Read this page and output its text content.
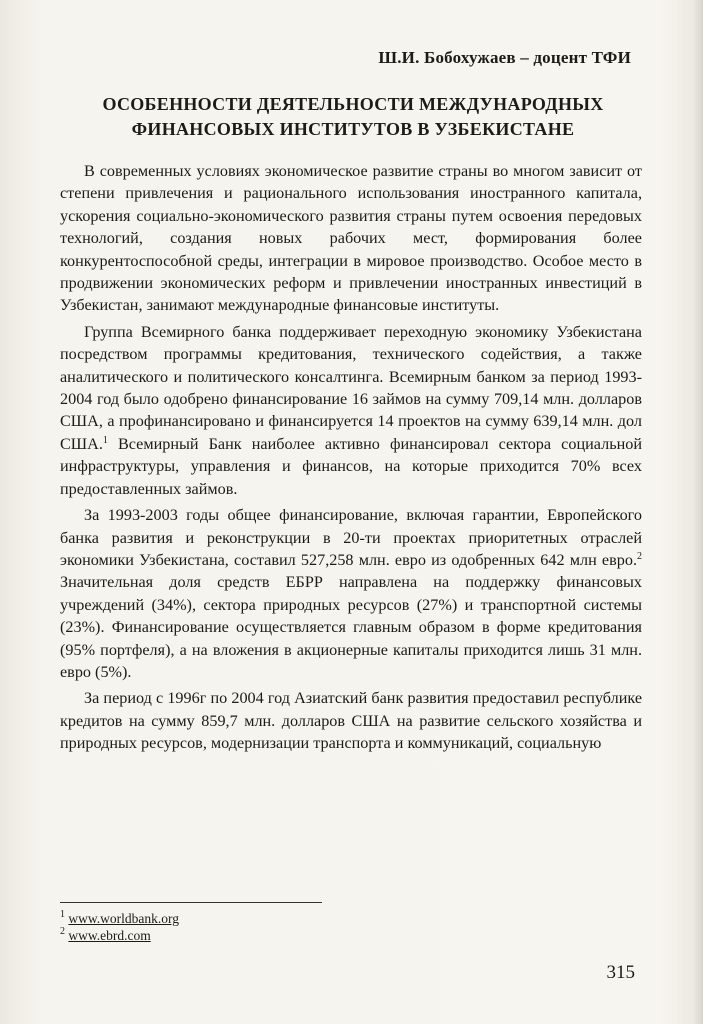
Ш.И. Бобохужаев – доцент ТФИ
ОСОБЕННОСТИ ДЕЯТЕЛЬНОСТИ МЕЖДУНАРОДНЫХ
ФИНАНСОВЫХ ИНСТИТУТОВ В УЗБЕКИСТАНЕ

В современных условиях экономическое развитие страны во многом зависит от степени привлечения и рационального использования иностранного капитала, ускорения социально-экономического развития страны путем освоения передовых технологий, создания новых рабочих мест, формирования более конкурентоспособной среды, интеграции в мировое производство. Особое место в продвижении экономических реформ и привлечении иностранных инвестиций в Узбекистан, занимают международные финансовые институты.

Группа Всемирного банка поддерживает переходную экономику Узбекистана посредством программы кредитования, технического содействия, а также аналитического и политического консалтинга. Всемирным банком за период 1993-2004 год было одобрено финансирование 16 займов на сумму 709,14 млн. долларов США, а профинансировано и финансируется 14 проектов на сумму 639,14 млн. дол США.$^1$ Всемирный Банк наиболее активно финансировал сектора социальной инфраструктуры, управления и финансов, на которые приходится 70% всех предоставленных займов.

За 1993-2003 годы общее финансирование, включая гарантии, Европейского банка развития и реконструкции в 20-ти проектах приоритетных отраслей экономики Узбекистана, составил 527,258 млн. евро из одобренных 642 млн евро.$^2$ Значительная доля средств ЕБРР направлена на поддержку финансовых учреждений (34%), сектора природных ресурсов (27%) и транспортной системы (23%). Финансирование осуществляется главным образом в форме кредитования (95% портфеля), а на вложения в акционерные капиталы приходится лишь 31 млн. евро (5%).

За период с 1996г по 2004 год Азиатский банк развития предоставил республике кредитов на сумму 859,7 млн. долларов США на развитие сельского хозяйства и природных ресурсов, модернизации транспорта и коммуникаций, социальную

$^1$ www.worldbank.org
$^2$ www.ebrd.com
315
